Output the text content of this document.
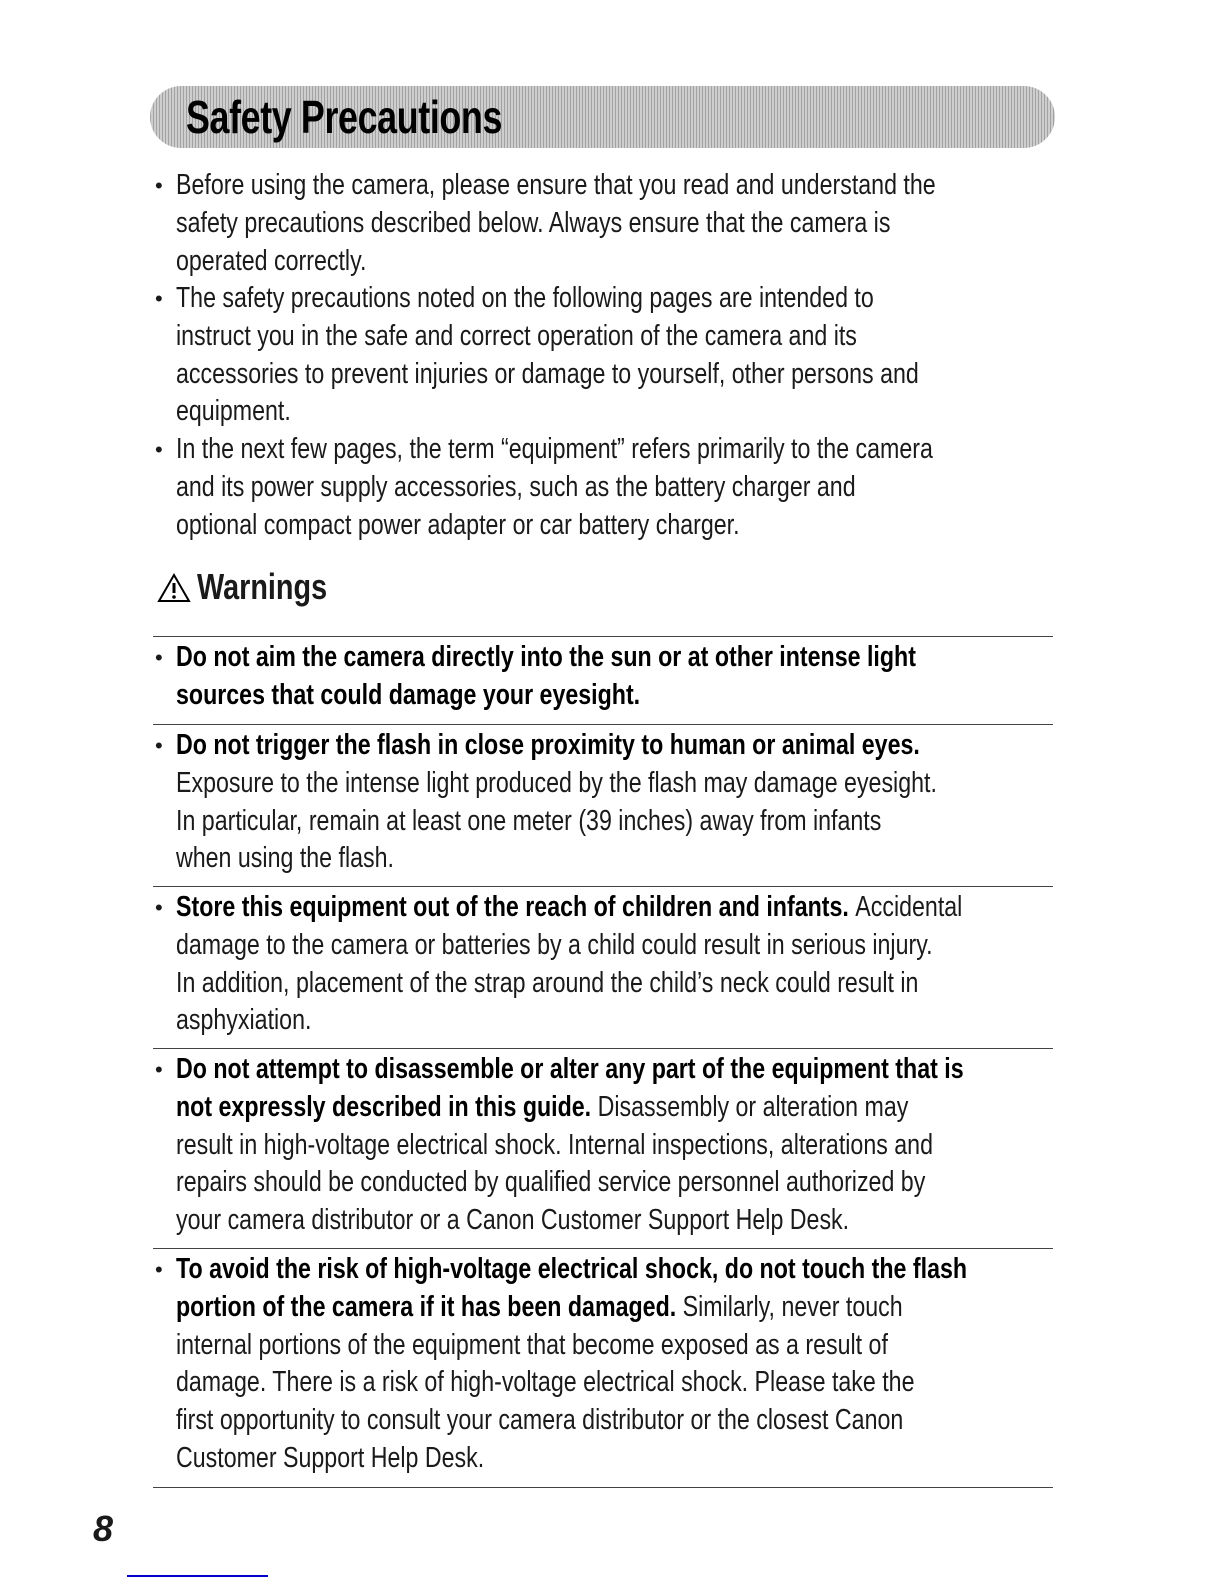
Safety Precautions
• Before using the camera, please ensure that you read and understand the
safety precautions described below. Always ensure that the camera is
operated correctly.
• The safety precautions noted on the following pages are intended to
instruct you in the safe and correct operation of the camera and its
accessories to prevent injuries or damage to yourself, other persons and
equipment.
• In the next few pages, the term “equipment” refers primarily to the camera
and its power supply accessories, such as the battery charger and
optional compact power adapter or car battery charger.
• Do not aim the camera directly into the sun or at other intense light
sources that could damage your eyesight.
• Do not trigger the flash in close proximity to human or animal eyes.
Exposure to the intense light produced by the flash may damage eyesight.
In particular, remain at least one meter (39 inches) away from infants
when using the flash.
• Store this equipment out of the reach of children and infants. Accidental
damage to the camera or batteries by a child could result in serious injury.
In addition, placement of the strap around the child’s neck could result in
asphyxiation.
• Do not attempt to disassemble or alter any part of the equipment that is
not expressly described in this guide. Disassembly or alteration may
result in high-voltage electrical shock. Internal inspections, alterations and
repairs should be conducted by qualified service personnel authorized by
your camera distributor or a Canon Customer Support Help Desk.
• To avoid the risk of high-voltage electrical shock, do not touch the flash
portion of the camera if it has been damaged. Similarly, never touch
internal portions of the equipment that become exposed as a result of
damage. There is a risk of high-voltage electrical shock. Please take the
first opportunity to consult your camera distributor or the closest Canon
Customer Support Help Desk.
Warnings
8
